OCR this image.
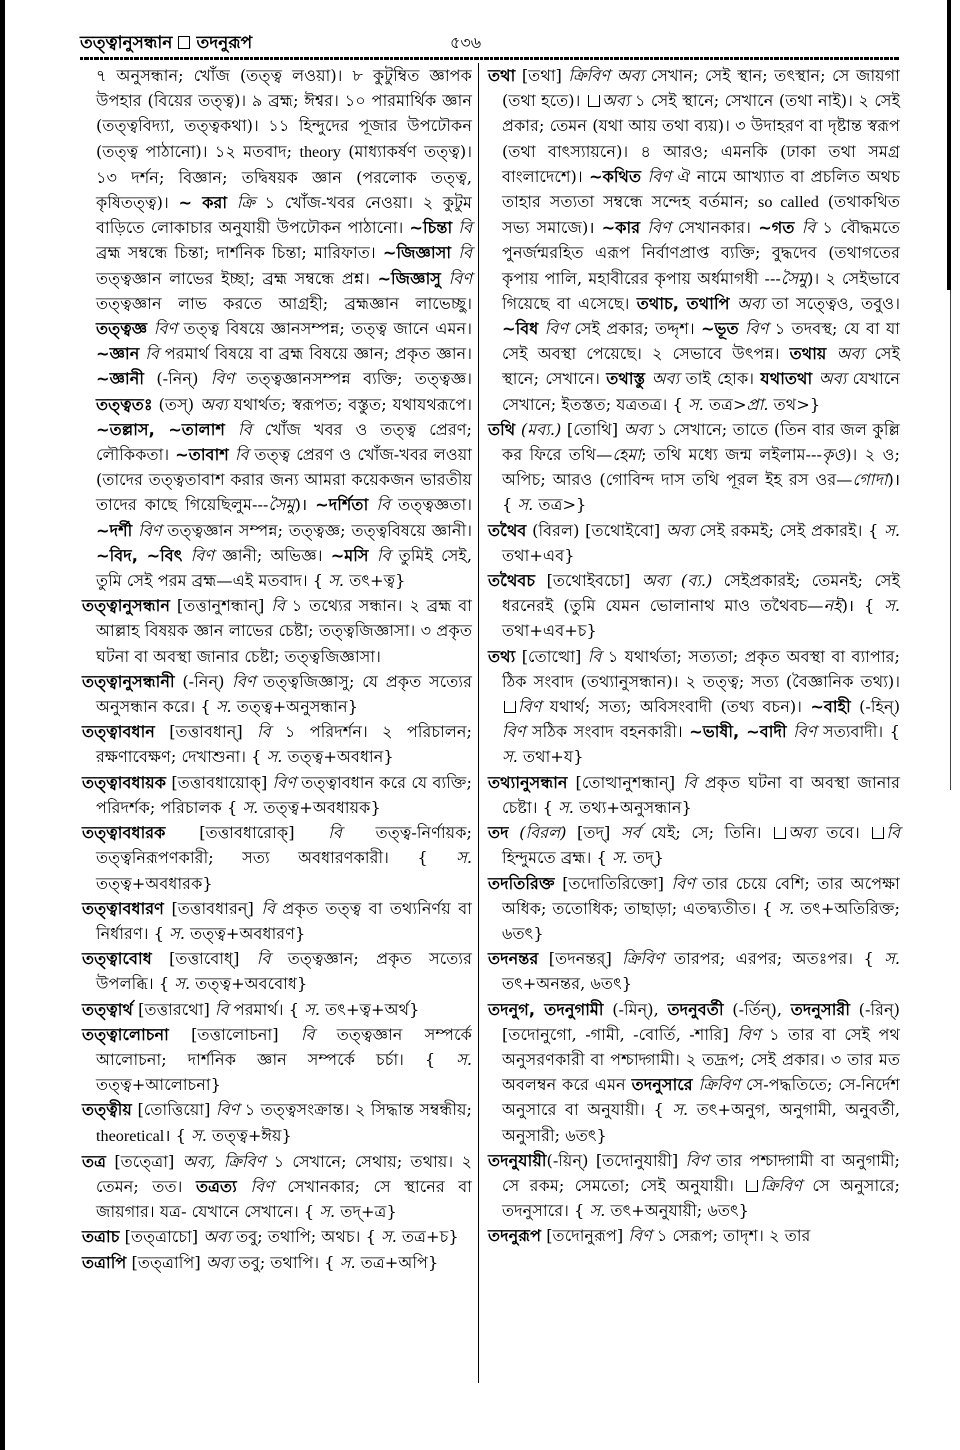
তত্ত্বানুসন্ধান তদনুরূপ	৫৩৬

৭ অনুসন্ধান; খোঁজ (তত্ত্ব লওয়া)। ৮ কুটুম্বিত জ্ঞাপক উপহার (বিয়ের তত্ত্ব)। ৯ ব্রহ্ম; ঈশ্বর। ১০ পারমার্থিক জ্ঞান (তত্ত্ববিদ্যা, তত্ত্বকথা)। ১১ হিন্দুদের পূজার উপঢৌকন (তত্ত্ব পাঠানো)। ১২ মতবাদ; theory (মাধ্যাকর্ষণ তত্ত্ব)। ১৩ দর্শন; বিজ্ঞান; তদ্বিষয়ক জ্ঞান (পরলোক তত্ত্ব, কৃষিতত্ত্ব)। ~ করা ক্রি ১ খোঁজ-খবর নেওয়া। ২ কুটুম বাড়িতে লোকাচার অনুযায়ী উপঢৌকন পাঠানো। ~চিন্তা বি ব্রহ্ম সম্বন্ধে চিন্তা; দার্শনিক চিন্তা; মারিফাত। ~জিজ্ঞাসা বি তত্ত্বজ্ঞান লাভের ইচ্ছা; ব্রহ্ম সম্বন্ধে প্রশ্ন। ~জিজ্ঞাসু বিণ তত্ত্বজ্ঞান লাভ করতে আগ্রহী; ব্রহ্মজ্ঞান লাভেচ্ছু। তত্ত্বজ্ঞ বিণ তত্ত্ব বিষয়ে জ্ঞানসম্পন্ন; তত্ত্ব জানে এমন। ~জ্ঞান বি পরমার্থ বিষয়ে বা ব্রহ্ম বিষয়ে জ্ঞান; প্রকৃত জ্ঞান। ~জ্ঞানী (-নিন্) বিণ তত্ত্বজ্ঞানসম্পন্ন ব্যক্তি; তত্ত্বজ্ঞ। তত্ত্বতঃ (তস্) অব্য যথার্থত; স্বরূপত; বস্তুত; যথাযথরূপে। ~তল্লাস, ~তালাশ বি খোঁজ খবর ও তত্ত্ব প্রেরণ; লৌকিকতা। ~তাবাশ বি তত্ত্ব প্রেরণ ও খোঁজ-খবর লওয়া (তাদের তত্ত্বতাবাশ করার জন্য আমরা কয়েকজন ভারতীয় তাদের কাছে গিয়েছিলুম---সৈমু)। ~দর্শিতা বি তত্ত্বজ্ঞতা। ~দর্শী বিণ তত্ত্বজ্ঞান সম্পন্ন; তত্ত্বজ্ঞ; তত্ত্ববিষয়ে জ্ঞানী। ~বিদ, ~বিৎ বিণ জ্ঞানী; অভিজ্ঞ। ~মসি বি তুমিই সেই, তুমি সেই পরম ব্রহ্ম—এই মতবাদ। { স. তৎ+ত্ব}

তত্ত্বানুসন্ধান [তত্তানুশন্ধান্] বি ১ তথ্যের সন্ধান। ২ ব্রহ্ম বা আল্লাহ বিষয়ক জ্ঞান লাভের চেষ্টা; তত্ত্বজিজ্ঞাসা। ৩ প্রকৃত ঘটনা বা অবস্থা জানার চেষ্টা; তত্ত্বজিজ্ঞাসা।

তত্ত্বানুসন্ধানী (-নিন্) বিণ তত্ত্বজিজ্ঞাসু; যে প্রকৃত সত্যের অনুসন্ধান করে। { স. তত্ত্ব+অনুসন্ধান}

তত্ত্বাবধান [তত্তাবধান্] বি ১ পরিদর্শন। ২ পরিচালন; রক্ষণাবেক্ষণ; দেখাশুনা। { স. তত্ত্ব+অবধান}

তত্ত্বাবধায়ক [তত্তাবধায়োক্] বিণ তত্ত্বাবধান করে যে ব্যক্তি; পরিদর্শক; পরিচালক { স. তত্ত্ব+অবধায়ক}

তত্ত্বাবধারক [তত্তাবধারোক্] বি তত্ত্ব-নির্ণায়ক; তত্ত্বনিরূপণকারী; সত্য অবধারণকারী। { স. তত্ত্ব+অবধারক}

তত্ত্বাবধারণ [তত্তাবধারন্] বি প্রকৃত তত্ত্ব বা তথ্যনির্ণয় বা নির্ধারণ। { স. তত্ত্ব+অবধারণ}

তত্ত্বাবোধ [তত্তাবোধ্] বি তত্ত্বজ্ঞান; প্রকৃত সত্যের উপলব্ধি। { স. তত্ত্ব+অববোধ}

তত্ত্বার্থ [তত্তারথো] বি পরমার্থ। { স. তৎ+ত্ব+অর্থ}

তত্ত্বালোচনা [তত্তালোচনা] বি তত্ত্বজ্ঞান সম্পর্কে আলোচনা; দার্শনিক জ্ঞান সম্পর্কে চর্চা। { স. তত্ত্ব+আলোচনা}

তত্ত্বীয় [তোত্তিয়ো] বিণ ১ তত্ত্বসংক্রান্ত। ২ সিদ্ধান্ত সম্বন্ধীয়; theoretical। { স. তত্ত্ব+ঈয়}

তত্র [তত্ত্রো] অব্য, ক্রিবিণ ১ সেখানে; সেথায়; তথায়। ২ তেমন; তত। তত্রত্য বিণ সেখানকার; সে স্থানের বা জায়গার। যত্র- যেখানে সেখানে। { স. তদ্+ত্র}

তত্রাচ [তত্ত্রাচো] অব্য তবু; তথাপি; অথচ। { স. তত্র+চ}

তত্রাপি [তত্ত্রাপি] অব্য তবু; তথাপি। { স. তত্র+অপি}

তথা [তথা] ক্রিবিণ অব্য সেখান; সেই স্থান; তৎস্থান; সে জায়গা (তথা হতে)। অব্য ১ সেই স্থানে; সেখানে (তথা নাই)। ২ সেই প্রকার; তেমন (যথা আয় তথা ব্যয়)। ৩ উদাহরণ বা দৃষ্টান্ত স্বরূপ (তথা বাৎস্যায়নে)। ৪ আরও; এমনকি (ঢাকা তথা সমগ্র বাংলাদেশে)। ~কথিত বিণ ঐ নামে আখ্যাত বা প্রচলিত অথচ তাহার সত্যতা সম্বন্ধে সন্দেহ বর্তমান; so called (তথাকথিত সভ্য সমাজে)। ~কার বিণ সেখানকার। ~গত বি ১ বৌদ্ধমতে পুনর্জন্মরহিত এরূপ নির্বাণপ্রাপ্ত ব্যক্তি; বুদ্ধদেব (তথাগতের কৃপায় পালি, মহাবীরের কৃপায় অর্ধমাগধী ---সৈমু)। ২ সেইভাবে গিয়েছে বা এসেছে। তথাচ, তথাপি অব্য তা সত্ত্বেও, তবুও। ~বিধ বিণ সেই প্রকার; তদ্দৃশ। ~ভূত বিণ ১ তদবস্থ; যে বা যা সেই অবস্থা পেয়েছে। ২ সেভাবে উৎপন্ন। তথায় অব্য সেই স্থানে; সেখানে। তথাস্তু অব্য তাই হোক। যথাতথা অব্য যেখানে সেখানে; ইতস্তত; যত্রতত্র। { স. তত্র>প্রা. তথ>}

তথি (মব্য.) [তোথি] অব্য ১ সেখানে; তাতে (তিন বার জল কুল্লি কর ফিরে তথি—হেমা; তথি মধ্যে জন্ম লইলাম---কৃও)। ২ ও; অপিচ; আরও (গোবিন্দ দাস তথি পূরল ইহ রস ওর—গোদা)। { স. তত্র>}

তথৈব (বিরল) [তথোইবো] অব্য সেই রকমই; সেই প্রকারই। { স. তথা+এব}

তথৈবচ [তথোইবচো] অব্য (ব্য.) সেইপ্রকারই; তেমনই; সেই ধরনেরই (তুমি যেমন ভোলানাথ মাও তথৈবচ—নই)। { স. তথা+এব+চ}

তথ্য [তোত্থো] বি ১ যথার্থতা; সত্যতা; প্রকৃত অবস্থা বা ব্যাপার; ঠিক সংবাদ (তথ্যানুসন্ধান)। ২ তত্ত্ব; সত্য (বৈজ্ঞানিক তথ্য)। বিণ যথার্থ; সত্য; অবিসংবাদী (তথ্য বচন)। ~বাহী (-হিন্) বিণ সঠিক সংবাদ বহনকারী। ~ভাষী, ~বাদী বিণ সত্যবাদী। { স. তথা+য}

তথ্যানুসন্ধান [তোত্থানুশন্ধান্] বি প্রকৃত ঘটনা বা অবস্থা জানার চেষ্টা। { স. তথ্য+অনুসন্ধান}

তদ (বিরল) [তদ্] সর্ব যেই; সে; তিনি। অব্য তবে। বি হিন্দুমতে ব্রহ্ম। { স. তদ্}

তদতিরিক্ত [তদোতিরিক্তো] বিণ তার চেয়ে বেশি; তার অপেক্ষা অধিক; ততোধিক; তাছাড়া; এতদ্ব্যতীত। { স. তৎ+অতিরিক্ত; ৬তৎ}

তদনন্তর [তদনন্তর্] ক্রিবিণ তারপর; এরপর; অতঃপর। { স. তৎ+অনন্তর, ৬তৎ}

তদনুগ, তদনুগামী (-মিন্), তদনুবর্তী (-র্তিন্), তদনুসারী (-রিন্) [তদোনুগো, -গামী, -বোর্তি, -শারি] বিণ ১ তার বা সেই পথ অনুসরণকারী বা পশ্চাদ্গামী। ২ তদ্রূপ; সেই প্রকার। ৩ তার মত অবলম্বন করে এমন তদনুসারে ক্রিবিণ সে-পদ্ধতিতে; সে-নির্দেশ অনুসারে বা অনুযায়ী। { স. তৎ+অনুগ, অনুগামী, অনুবর্তী, অনুসারী; ৬তৎ}

তদনুযায়ী(-য়িন্) [তদোনুযায়ী] বিণ তার পশ্চাদ্গামী বা অনুগামী; সে রকম; সেমতো; সেই অনুযায়ী। ক্রিবিণ সে অনুসারে; তদনুসারে। { স. তৎ+অনুযায়ী; ৬তৎ}

তদনুরূপ [তদোনুরূপ] বিণ ১ সেরূপ; তাদৃশ। ২ তার
